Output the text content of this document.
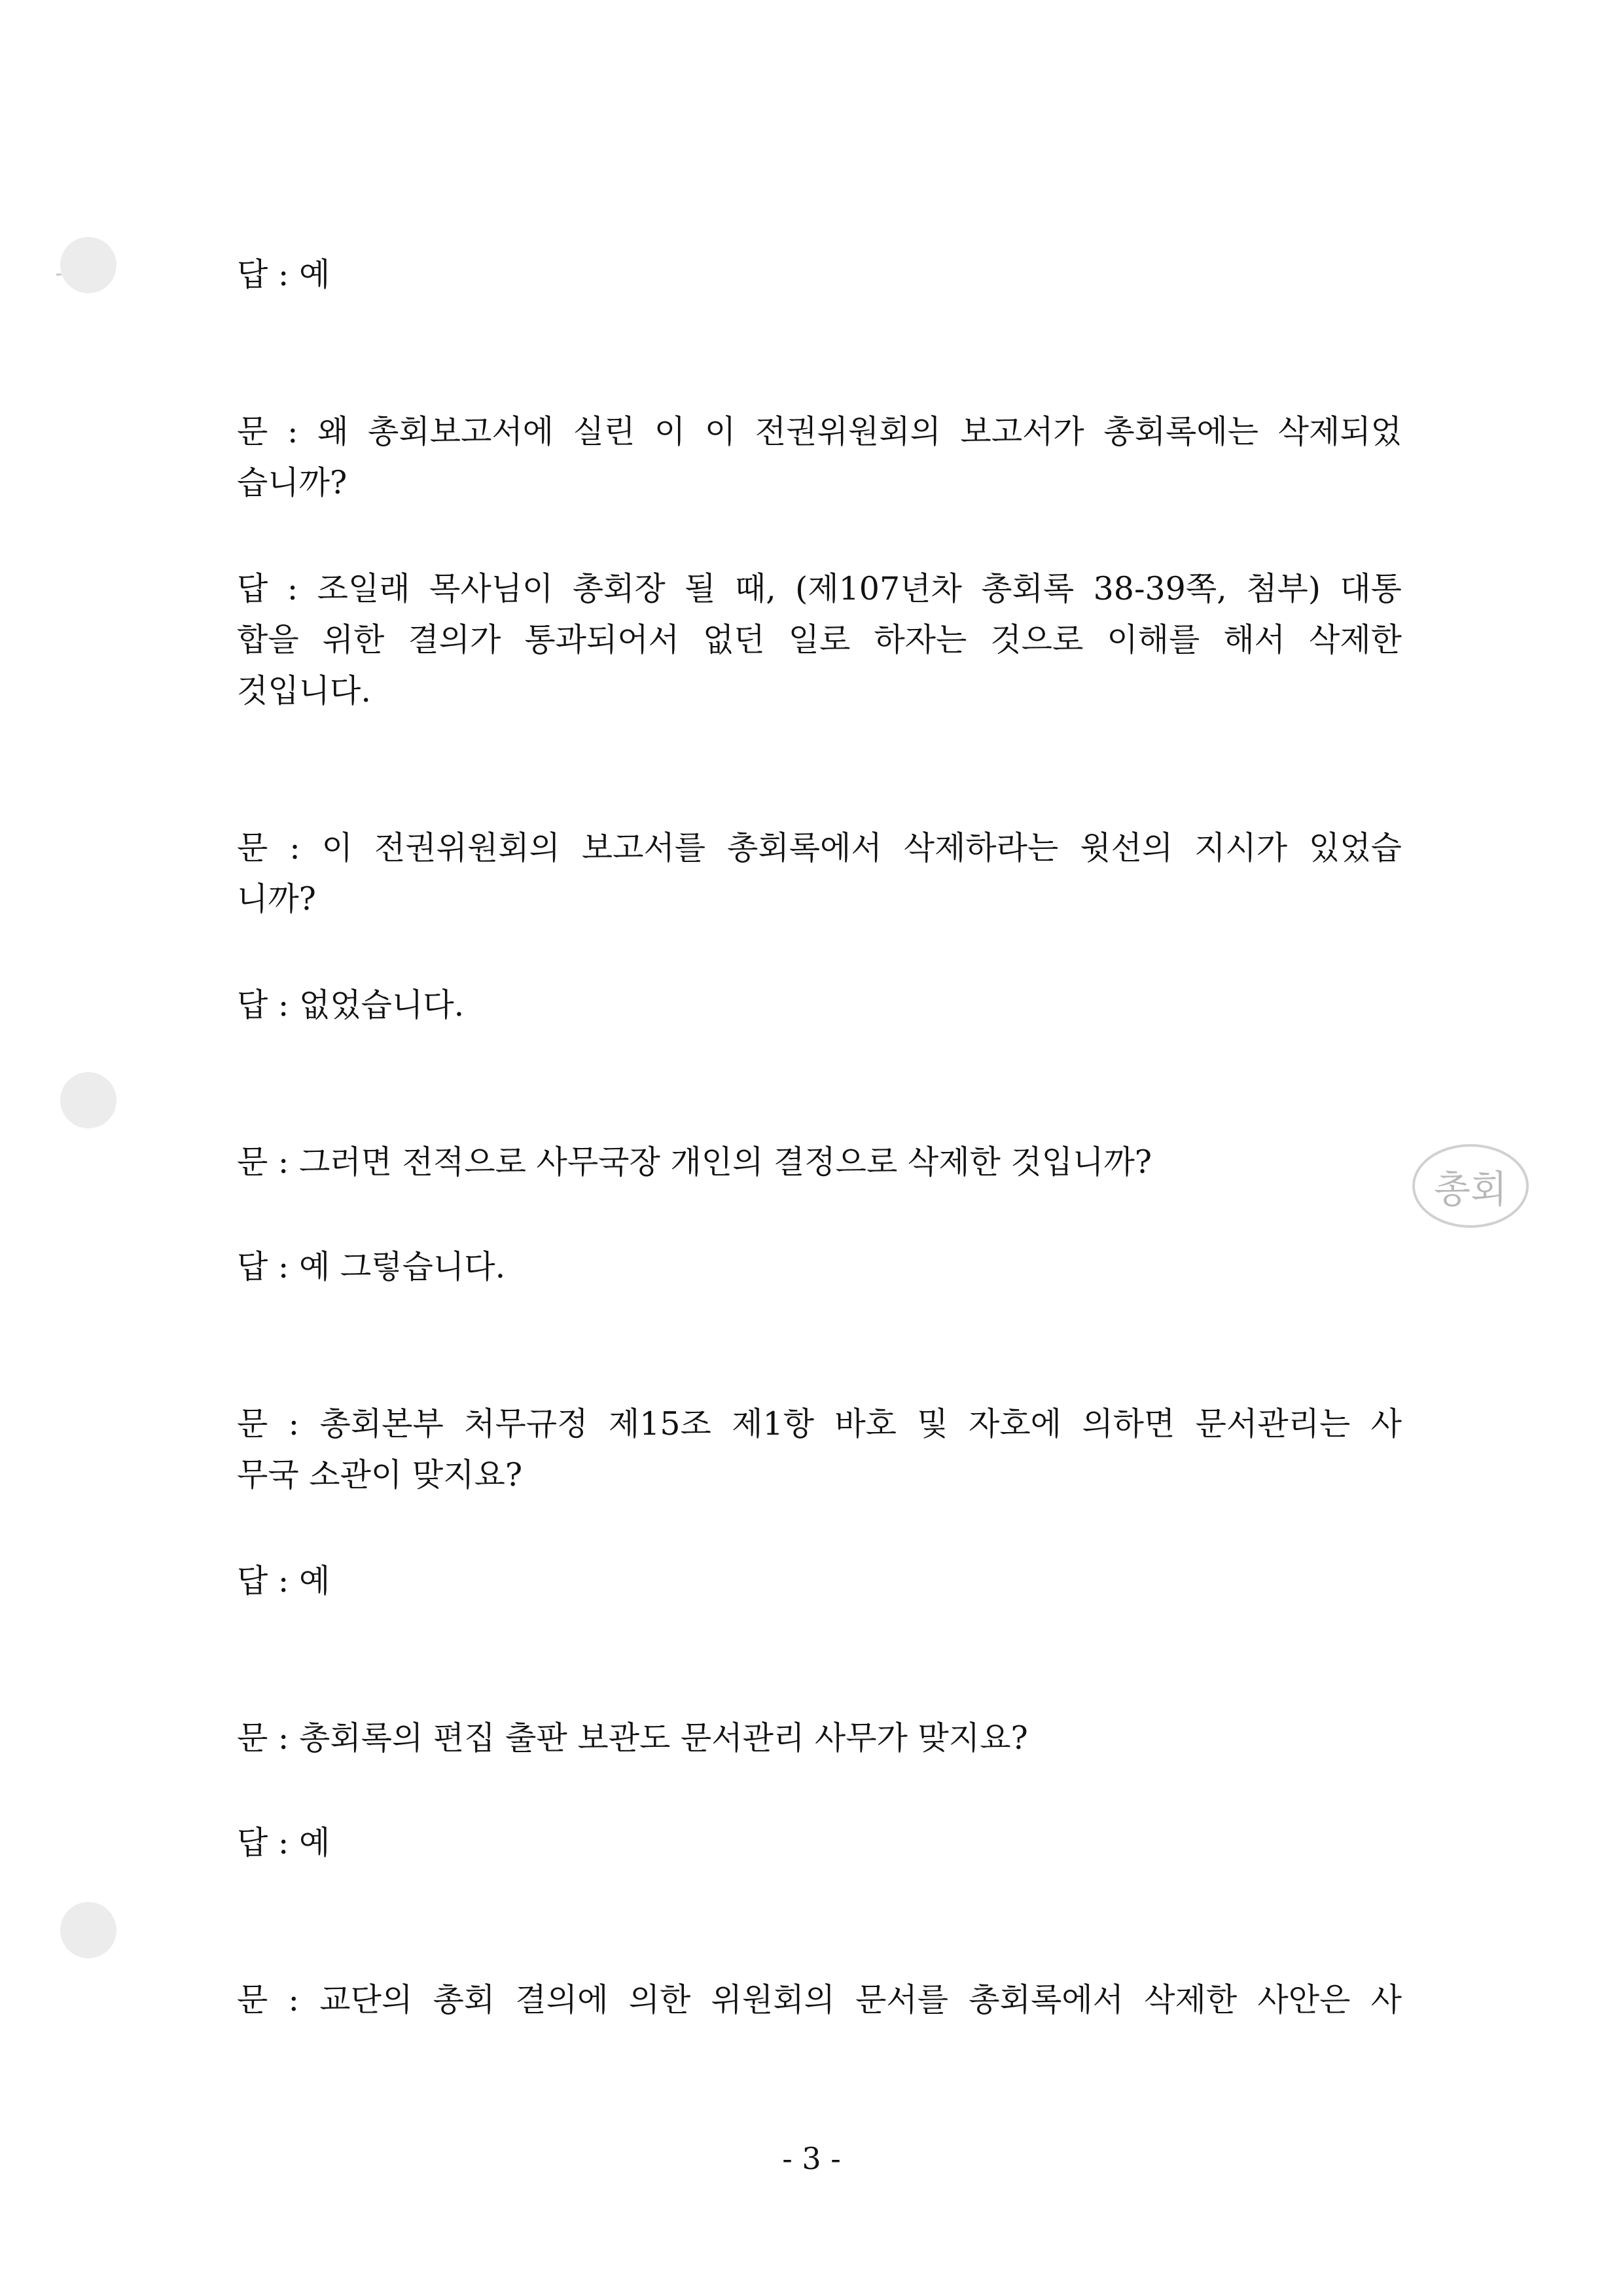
총회
답 : 예
문 : 왜 총회보고서에 실린 이 이 전권위원회의 보고서가 총회록에는 삭제되었
습니까?
답 : 조일래 목사님이 총회장 될 때, (제107년차 총회록 38-39쪽, 첨부) 대통
합을 위한 결의가 통과되어서 없던 일로 하자는 것으로 이해를 해서 삭제한
것입니다.
문 : 이 전권위원회의 보고서를 총회록에서 삭제하라는 윗선의 지시가 있었습
니까?
답 : 없었습니다.
문 : 그러면 전적으로 사무국장 개인의 결정으로 삭제한 것입니까?
답 : 예 그렇습니다.
문 : 총회본부 처무규정 제15조 제1항 바호 및 자호에 의하면 문서관리는 사
무국 소관이 맞지요?
답 : 예
문 : 총회록의 편집 출판 보관도 문서관리 사무가 맞지요?
답 : 예
문 : 교단의 총회 결의에 의한 위원회의 문서를 총회록에서 삭제한 사안은 사
- 3 -
